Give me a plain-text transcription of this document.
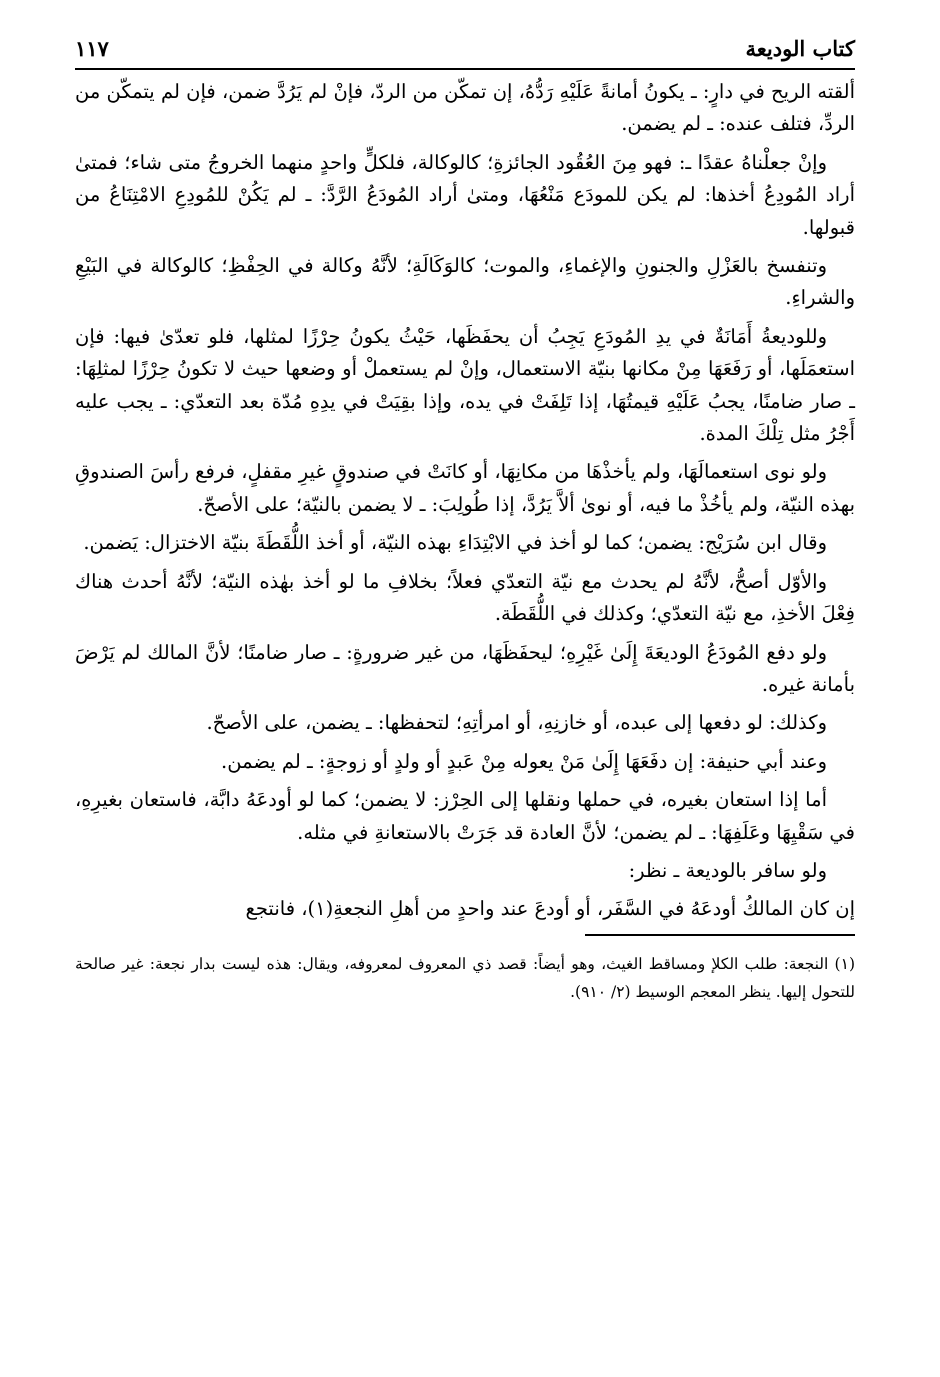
كتاب الوديعة
١١٧

ألقته الريح في دارٍ: ـ يكونُ أمانةً عَلَيْهِ رَدُّهُ، إن تمكّن من الردّ، فإنْ لم يَرُدَّ ضمن، فإن لم يتمكّن من الردِّ، فتلف عنده: ـ لم يضمن.

وإنْ جعلْناهُ عقدًا ـ: فهو مِنَ العُقُود الجائزةِ؛ كالوكالة، فلكلٍّ واحدٍ منهما الخروجُ متى شاء؛ فمتىٰ أراد المُودِعُ أخذها: لم يكن للمودَع مَنْعُهَا، ومتىٰ أراد المُودَعُ الرَّدَّ: ـ لم يَكُنْ للمُودِعِ الامْتِنَاعُ من قبولها.

وتنفسخ بالعَزْلِ والجنونِ والإغماءِ، والموت؛ كالوَكَالَةِ؛ لأنَّهُ وكالة في الحِفْظِ؛ كالوكالة في البَيْعِ والشراءِ.

وللوديعةُ أَمَانَةٌ في يدِ المُودَعِ يَجِبُ أن يحفَظَها، حَيْثُ يكونُ حِرْزًا لمثلها، فلو تعدّىٰ فيها: فإن استعمَلَها، أو رَفَعَهَا مِنْ مكانها بنيّة الاستعمال، وإنْ لم يستعملْ أو وضعها حيث لا تكونُ حِرْزًا لمثلِهَا: ـ صار ضامنًا، يجبُ عَلَيْهِ قيمتُهَا، إذا تَلِفَتْ في يده، وإذا بقِيَتْ في يدِهِ مُدّة بعد التعدّي: ـ يجب عليه أَجْرُ مثل تِلْكَ المدة.

ولو نوى استعمالَهَا، ولم يأخذْهَا من مكانِهَا، أو كانَتْ في صندوقٍ غيرِ مقفلٍ، فرفع رأسَ الصندوقِ بهذه النيّة، ولم يأخُذْ ما فيه، أو نوىٰ ألاَّ يَرُدَّ، إذا طُولِبَ: ـ لا يضمن بالنيّة؛ على الأصحّ.

وقال ابن سُرَيْج: يضمن؛ كما لو أخذ في الابْتِدَاءِ بهذه النيّة، أو أخذ اللُّقَطَةَ بنيّة الاختزال: يَضمن.

والأوّل أصحُّ، لأنَّهُ لم يحدث مع نيّة التعدّي فعلاً؛ بخلافِ ما لو أخذ بهٰذه النيّة؛ لأنَّهُ أحدث هناك فِعْلَ الأخذِ، مع نيّة التعدّي؛ وكذلك في اللُّقَطَة.

ولو دفع المُودَعُ الوديعَةَ إِلَىٰ غَيْرِهِ؛ ليحفَظَهَا، من غير ضرورةٍ: ـ صار ضامنًا؛ لأنَّ المالك لم يَرْضَ بأمانة غيره.

وكذلك: لو دفعها إلى عبده، أو خازنِهِ، أو امرأتِهِ؛ لتحفظها: ـ يضمن، على الأصحّ.

وعند أبي حنيفة: إن دفَعَهَا إِلَىٰ مَنْ يعوله مِنْ عَبدٍ أو ولدٍ أو زوجةٍ: ـ لم يضمن.

أما إذا استعان بغيره، في حملها ونقلها إلى الحِرْز: لا يضمن؛ كما لو أودعَهُ دابَّة، فاستعان بغيرِهِ، في سَقْيِهَا وعَلَفِهَا: ـ لم يضمن؛ لأنَّ العادة قد جَرَتْ بالاستعانةِ في مثله.

ولو سافر بالوديعة ـ نظر:

إن كان المالكُ أودعَهُ في السَّفَر، أو أودعَ عند واحدٍ من أهلِ النجعةِ(١)، فانتجع

(١) النجعة: طلب الكلإ ومساقط الغيث، وهو أيضاً: قصد ذي المعروف لمعروفه، ويقال: هذه ليست بدار نجعة: غير صالحة للتحول إليها. ينظر المعجم الوسيط (٢/ ٩١٠).
